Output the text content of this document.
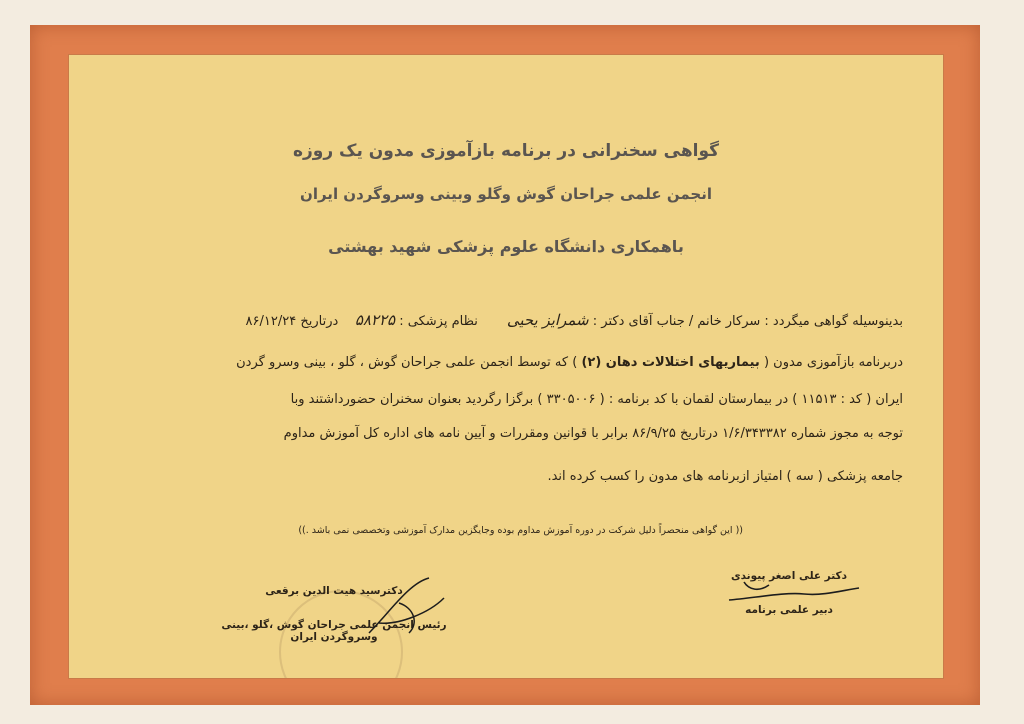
گواهی سخنرانی در برنامه بازآموزی مدون یک روزه
انجمن علمی جراحان گوش وگلو وبینی وسروگردن ایران
باهمکاری دانشگاه علوم پزشکی شهید بهشتی
بدینوسیله گواهی میگردد : سرکار خانم / جناب آقای دکتر : شمرایز یحیی       نظام پزشکی : ۵۸۲۲۵    درتاریخ ۸۶/۱۲/۲۴
دربرنامه بازآموزی مدون ( بیماریهای اختلالات دهان (۲) ) که توسط انجمن علمی جراحان گوش ، گلو ، بینی وسرو گردن
ایران ( کد : ۱۱۵۱۳ ) در بیمارستان لقمان با کد برنامه : ( ۳۳۰۵۰۰۶ ) برگزا رگردید بعنوان سخنران حضورداشتند وبا
توجه به مجوز شماره ۱/۶/۳۴۳۳۸۲ درتاریخ ۸۶/۹/۲۵ برابر با قوانین ومقررات و آیین نامه های اداره کل آموزش مداوم
جامعه پزشکی ( سه ) امتیاز ازبرنامه های مدون را کسب کرده اند.
(( این گواهی منحصراً دلیل شرکت در دوره آموزش مداوم بوده وجایگزین مدارک آموزشی وتخصصی نمی باشد .))
دکترسید هیت الدین برقعی
رئیس انجمن علمی جراحان گوش ،گلو ،بینی وسروگردن ایران
دکتر علی اصغر پیوندی
دبیر علمی برنامه
